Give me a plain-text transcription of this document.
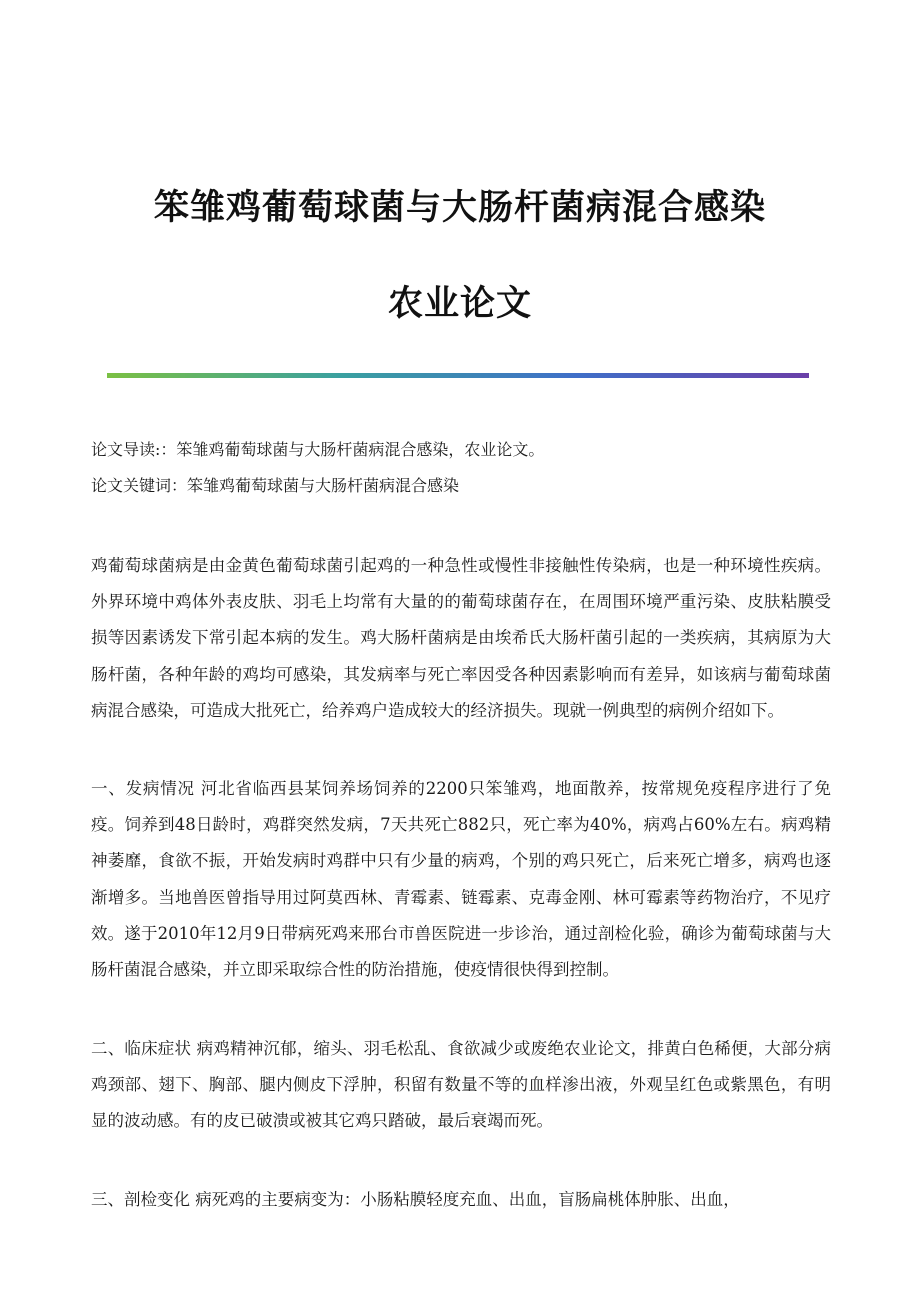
笨雏鸡葡萄球菌与大肠杆菌病混合感染
农业论文
论文导读:：笨雏鸡葡萄球菌与大肠杆菌病混合感染，农业论文。
论文关键词：笨雏鸡葡萄球菌与大肠杆菌病混合感染

鸡葡萄球菌病是由金黄色葡萄球菌引起鸡的一种急性或慢性非接触性传染病，也是一种环境性疾病。外界环境中鸡体外表皮肤、羽毛上均常有大量的的葡萄球菌存在，在周围环境严重污染、皮肤粘膜受损等因素诱发下常引起本病的发生。鸡大肠杆菌病是由埃希氏大肠杆菌引起的一类疾病，其病原为大肠杆菌，各种年龄的鸡均可感染，其发病率与死亡率因受各种因素影响而有差异，如该病与葡萄球菌病混合感染，可造成大批死亡，给养鸡户造成较大的经济损失。现就一例典型的病例介绍如下。

一、发病情况 河北省临西县某饲养场饲养的2200只笨雏鸡，地面散养，按常规免疫程序进行了免疫。饲养到48日龄时，鸡群突然发病，7天共死亡882只，死亡率为40%，病鸡占60%左右。病鸡精神萎靡，食欲不振，开始发病时鸡群中只有少量的病鸡，个别的鸡只死亡，后来死亡增多，病鸡也逐渐增多。当地兽医曾指导用过阿莫西林、青霉素、链霉素、克毒金刚、林可霉素等药物治疗，不见疗效。遂于2010年12月9日带病死鸡来邢台市兽医院进一步诊治，通过剖检化验，确诊为葡萄球菌与大肠杆菌混合感染，并立即采取综合性的防治措施，使疫情很快得到控制。

二、临床症状 病鸡精神沉郁，缩头、羽毛松乱、食欲减少或废绝农业论文，排黄白色稀便，大部分病鸡颈部、翅下、胸部、腿内侧皮下浮肿，积留有数量不等的血样渗出液，外观呈红色或紫黑色，有明显的波动感。有的皮已破溃或被其它鸡只踏破，最后衰竭而死。

三、剖检变化 病死鸡的主要病变为：小肠粘膜轻度充血、出血，盲肠扁桃体肿胀、出血，
